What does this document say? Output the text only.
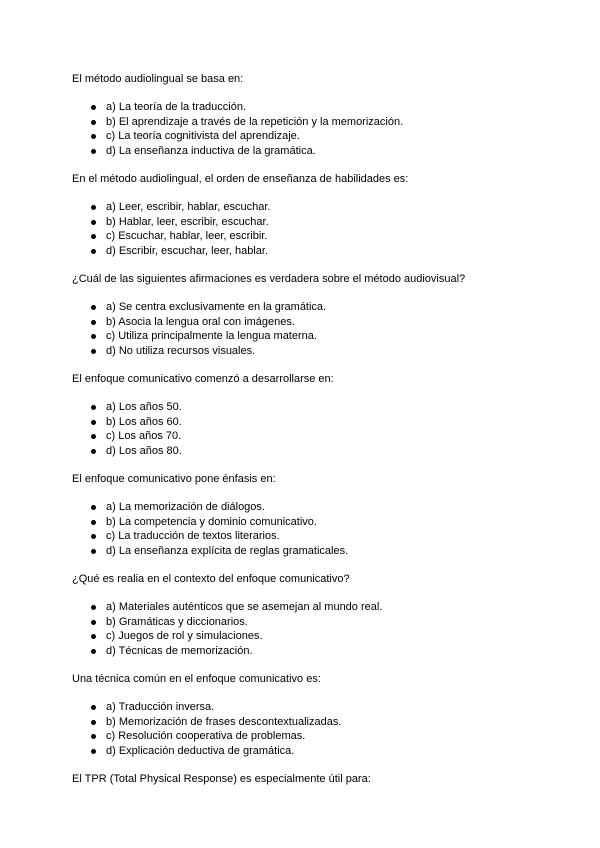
El método audiolingual se basa en:

a) La teoría de la traducción.
b) El aprendizaje a través de la repetición y la memorización.
c) La teoría cognitivista del aprendizaje.
d) La enseñanza inductiva de la gramática.

En el método audiolingual, el orden de enseñanza de habilidades es:

a) Leer, escribir, hablar, escuchar.
b) Hablar, leer, escribir, escuchar.
c) Escuchar, hablar, leer, escribir.
d) Escribir, escuchar, leer, hablar.

¿Cuál de las siguientes afirmaciones es verdadera sobre el método audiovisual?

a) Se centra exclusivamente en la gramática.
b) Asocia la lengua oral con imágenes.
c) Utiliza principalmente la lengua materna.
d) No utiliza recursos visuales.

El enfoque comunicativo comenzó a desarrollarse en:

a) Los años 50.
b) Los años 60.
c) Los años 70.
d) Los años 80.

El enfoque comunicativo pone énfasis en:

a) La memorización de diálogos.
b) La competencia y dominio comunicativo.
c) La traducción de textos literarios.
d) La enseñanza explícita de reglas gramaticales.

¿Qué es realia en el contexto del enfoque comunicativo?

a) Materiales auténticos que se asemejan al mundo real.
b) Gramáticas y diccionarios.
c) Juegos de rol y simulaciones.
d) Técnicas de memorización.

Una técnica común en el enfoque comunicativo es:

a) Traducción inversa.
b) Memorización de frases descontextualizadas.
c) Resolución cooperativa de problemas.
d) Explicación deductiva de gramática.

El TPR (Total Physical Response) es especialmente útil para:
